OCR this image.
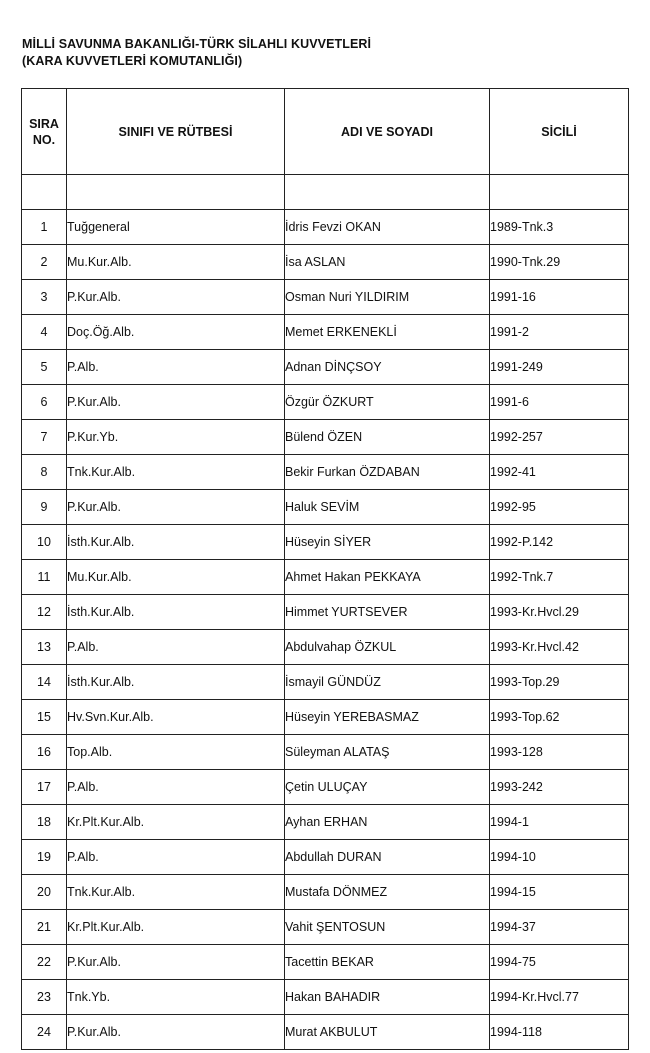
MİLLİ SAVUNMA BAKANLIĞI-TÜRK SİLAHLI KUVVETLERİ
(KARA KUVVETLERİ KOMUTANLIĞI)
SIRA
NO.	SINIFI VE RÜTBESİ	ADI VE SOYADI	SİCİLİ

1	Tuğgeneral	İdris Fevzi OKAN	1989-Tnk.3
2	Mu.Kur.Alb.	İsa ASLAN	1990-Tnk.29
3	P.Kur.Alb.	Osman Nuri YILDIRIM	1991-16
4	Doç.Öğ.Alb.	Memet ERKENEKLİ	1991-2
5	P.Alb.	Adnan DİNÇSOY	1991-249
6	P.Kur.Alb.	Özgür ÖZKURT	1991-6
7	P.Kur.Yb.	Bülend ÖZEN	1992-257
8	Tnk.Kur.Alb.	Bekir Furkan ÖZDABAN	1992-41
9	P.Kur.Alb.	Haluk SEVİM	1992-95
10	İsth.Kur.Alb.	Hüseyin SİYER	1992-P.142
11	Mu.Kur.Alb.	Ahmet Hakan PEKKAYA	1992-Tnk.7
12	İsth.Kur.Alb.	Himmet YURTSEVER	1993-Kr.Hvcl.29
13	P.Alb.	Abdulvahap ÖZKUL	1993-Kr.Hvcl.42
14	İsth.Kur.Alb.	İsmayil GÜNDÜZ	1993-Top.29
15	Hv.Svn.Kur.Alb.	Hüseyin YEREBASMAZ	1993-Top.62
16	Top.Alb.	Süleyman ALATAŞ	1993-128
17	P.Alb.	Çetin ULUÇAY	1993-242
18	Kr.Plt.Kur.Alb.	Ayhan ERHAN	1994-1
19	P.Alb.	Abdullah DURAN	1994-10
20	Tnk.Kur.Alb.	Mustafa DÖNMEZ	1994-15
21	Kr.Plt.Kur.Alb.	Vahit ŞENTOSUN	1994-37
22	P.Kur.Alb.	Tacettin BEKAR	1994-75
23	Tnk.Yb.	Hakan BAHADIR	1994-Kr.Hvcl.77
24	P.Kur.Alb.	Murat AKBULUT	1994-118
